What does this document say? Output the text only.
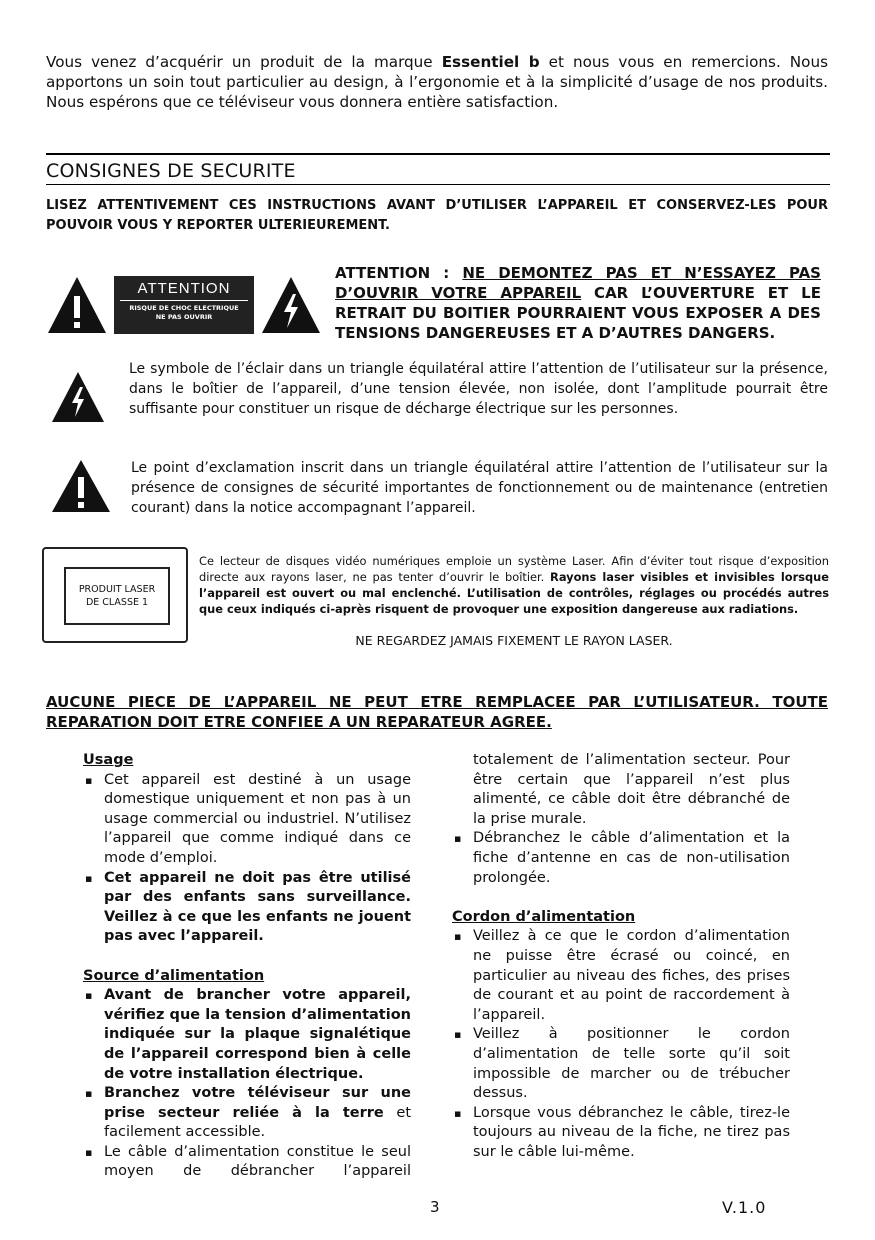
Vous venez d’acquérir un produit de la marque Essentiel b et nous vous en remercions. Nous apportons un soin tout particulier au design, à l’ergonomie et à la simplicité d’usage de nos produits. Nous espérons que ce téléviseur vous donnera entière satisfaction.
CONSIGNES DE SECURITE
LISEZ ATTENTIVEMENT CES INSTRUCTIONS AVANT D’UTILISER L’APPAREIL ET CONSERVEZ-LES POUR POUVOIR VOUS Y REPORTER ULTERIEUREMENT.
ATTENTION
RISQUE DE CHOC ELECTRIQUE
NE PAS OUVRIR
ATTENTION : NE DEMONTEZ PAS ET N’ESSAYEZ PAS D’OUVRIR VOTRE APPAREIL CAR L’OUVERTURE ET LE RETRAIT DU BOITIER POURRAIENT VOUS EXPOSER A DES TENSIONS DANGEREUSES ET A D’AUTRES DANGERS.
Le symbole de l’éclair dans un triangle équilatéral attire l’attention de l’utilisateur sur la présence, dans le boîtier de l’appareil, d’une tension élevée, non isolée, dont l’amplitude pourrait être suffisante pour constituer un risque de décharge électrique sur les personnes.
Le point d’exclamation inscrit dans un triangle équilatéral attire l’attention de l’utilisateur sur la présence de consignes de sécurité importantes de fonctionnement ou de maintenance (entretien courant) dans la notice accompagnant l’appareil.
PRODUIT LASER
DE CLASSE 1
Ce lecteur de disques vidéo numériques emploie un système Laser. Afin d’éviter tout risque d’exposition directe aux rayons laser, ne pas tenter d’ouvrir le boîtier. Rayons laser visibles et invisibles lorsque l’appareil est ouvert ou mal enclenché. L’utilisation de contrôles, réglages ou procédés autres que ceux indiqués ci-après risquent de provoquer une exposition dangereuse aux radiations.
NE REGARDEZ JAMAIS FIXEMENT LE RAYON LASER.
AUCUNE PIECE DE L’APPAREIL NE PEUT ETRE REMPLACEE PAR L’UTILISATEUR. TOUTE REPARATION DOIT ETRE CONFIEE A UN REPARATEUR AGREE.
Usage
▪ Cet appareil est destiné à un usage domestique uniquement et non pas à un usage commercial ou industriel. N’utilisez l’appareil que comme indiqué dans ce mode d’emploi.
▪ Cet appareil ne doit pas être utilisé par des enfants sans surveillance. Veillez à ce que les enfants ne jouent pas avec l’appareil.
Source d’alimentation
▪ Avant de brancher votre appareil, vérifiez que la tension d’alimentation indiquée sur la plaque signalétique de l’appareil correspond bien à celle de votre installation électrique.
▪ Branchez votre téléviseur sur une prise secteur reliée à la terre et facilement accessible.
▪ Le câble d’alimentation constitue le seul moyen de débrancher l’appareil
totalement de l’alimentation secteur. Pour être certain que l’appareil n’est plus alimenté, ce câble doit être débranché de la prise murale.
▪ Débranchez le câble d’alimentation et la fiche d’antenne en cas de non-utilisation prolongée.
Cordon d’alimentation
▪ Veillez à ce que le cordon d’alimentation ne puisse être écrasé ou coincé, en particulier au niveau des fiches, des prises de courant et au point de raccordement à l’appareil.
▪ Veillez à positionner le cordon d’alimentation de telle sorte qu’il soit impossible de marcher ou de trébucher dessus.
▪ Lorsque vous débranchez le câble, tirez-le toujours au niveau de la fiche, ne tirez pas sur le câble lui-même.
3	V.1.0
